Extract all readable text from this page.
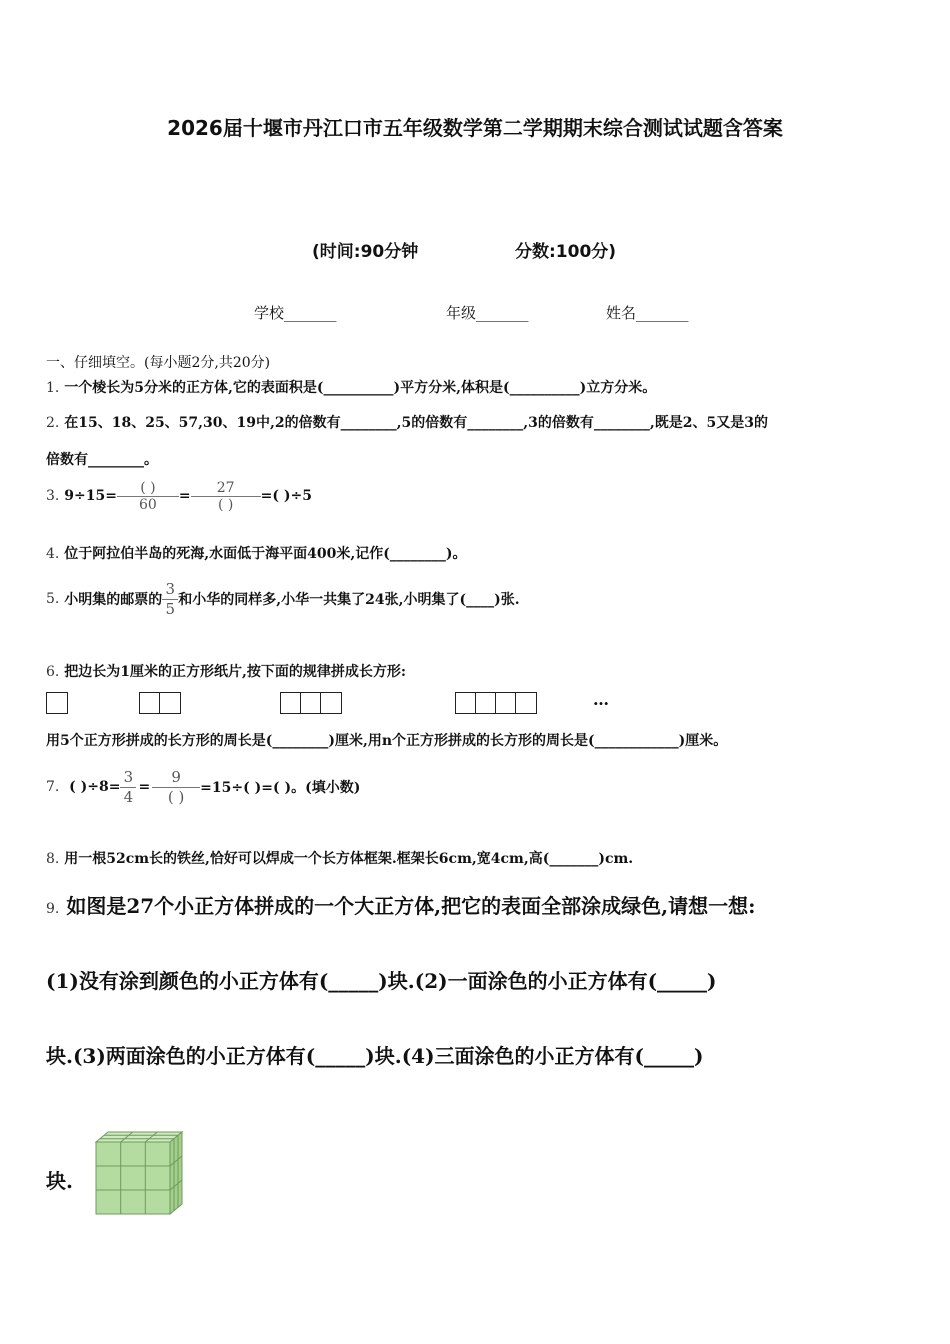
2026届十堰市丹江口市五年级数学第二学期期末综合测试试题含答案
(时间:90分钟	分数:100分)
学校_______	年级_______	姓名_______
一、仔细填空。(每小题2分,共20分)
1. 一个棱长为5分米的正方体,它的表面积是(__________)平方分米,体积是(__________)立方分米。
2. 在15、18、25、57,30、19中,2的倍数有________,5的倍数有________,3的倍数有________,既是2、5又是3的
倍数有________。
3.
$9\div 15= \frac{( )}{60} = \frac{27}{( )}$ =( )÷5
4. 位于阿拉伯半岛的死海,水面低于海平面400米,记作(________)。
5.
小明集的邮票的 $\frac{3}{5}$ 和小华的同样多,小华一共集了24张,小明集了(____)张.
6. 把边长为1厘米的正方形纸片,按下面的规律拼成长方形:
…
用5个正方形拼成的长方形的周长是(________)厘米,用n个正方形拼成的长方形的周长是(____________)厘米。
7.
( )$\div 8= \frac{3}{4} = \frac{9}{( )} =15\div$( )=( )。(填小数)
8. 用一根52cm长的铁丝,恰好可以焊成一个长方体框架.框架长6cm,宽4cm,高(_______)cm.
9. 如图是27个小正方体拼成的一个大正方体,把它的表面全部涂成绿色,请想一想:
(1)没有涂到颜色的小正方体有(_____)块.(2)一面涂色的小正方体有(_____)
块.(3)两面涂色的小正方体有(_____)块.(4)三面涂色的小正方体有(_____)
块.
